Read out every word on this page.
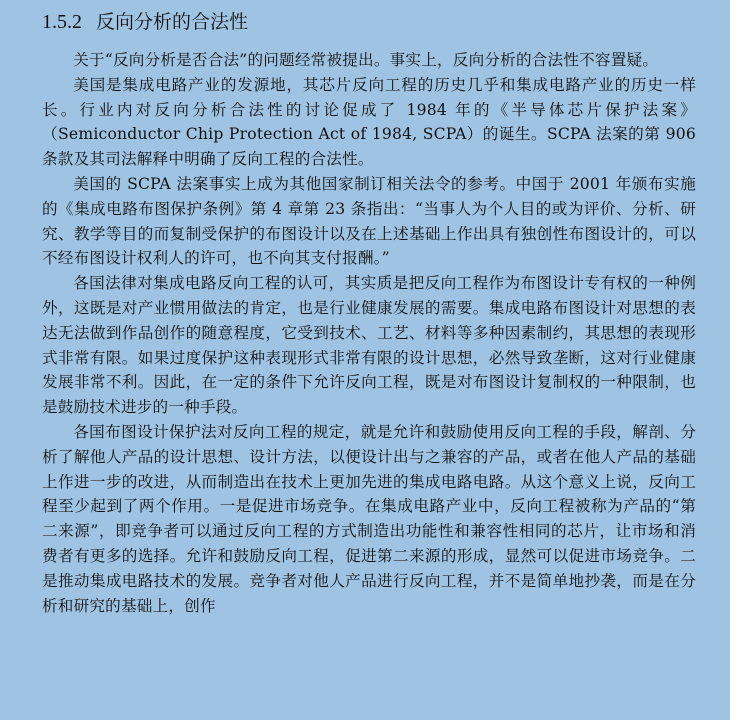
1.5.2 反向分析的合法性

关于“反向分析是否合法”的问题经常被提出。事实上，反向分析的合法性不容置疑。

美国是集成电路产业的发源地，其芯片反向工程的历史几乎和集成电路产业的历史一样长。行业内对反向分析合法性的讨论促成了 1984 年的《半导体芯片保护法案》（Semiconductor Chip Protection Act of 1984, SCPA）的诞生。SCPA 法案的第 906 条款及其司法解释中明确了反向工程的合法性。

美国的 SCPA 法案事实上成为其他国家制订相关法令的参考。中国于 2001 年颁布实施的《集成电路布图保护条例》第 4 章第 23 条指出：“当事人为个人目的或为评价、分析、研究、教学等目的而复制受保护的布图设计以及在上述基础上作出具有独创性布图设计的，可以不经布图设计权利人的许可，也不向其支付报酬。”

各国法律对集成电路反向工程的认可，其实质是把反向工程作为布图设计专有权的一种例外，这既是对产业惯用做法的肯定，也是行业健康发展的需要。集成电路布图设计对思想的表达无法做到作品创作的随意程度，它受到技术、工艺、材料等多种因素制约，其思想的表现形式非常有限。如果过度保护这种表现形式非常有限的设计思想，必然导致垄断，这对行业健康发展非常不利。因此，在一定的条件下允许反向工程，既是对布图设计复制权的一种限制，也是鼓励技术进步的一种手段。

各国布图设计保护法对反向工程的规定，就是允许和鼓励使用反向工程的手段，解剖、分析了解他人产品的设计思想、设计方法，以便设计出与之兼容的产品，或者在他人产品的基础上作进一步的改进，从而制造出在技术上更加先进的集成电路电路。从这个意义上说，反向工程至少起到了两个作用。一是促进市场竞争。在集成电路产业中，反向工程被称为产品的“第二来源”，即竞争者可以通过反向工程的方式制造出功能性和兼容性相同的芯片，让市场和消费者有更多的选择。允许和鼓励反向工程，促进第二来源的形成，显然可以促进市场竞争。二是推动集成电路技术的发展。竞争者对他人产品进行反向工程，并不是简单地抄袭，而是在分析和研究的基础上，创作
